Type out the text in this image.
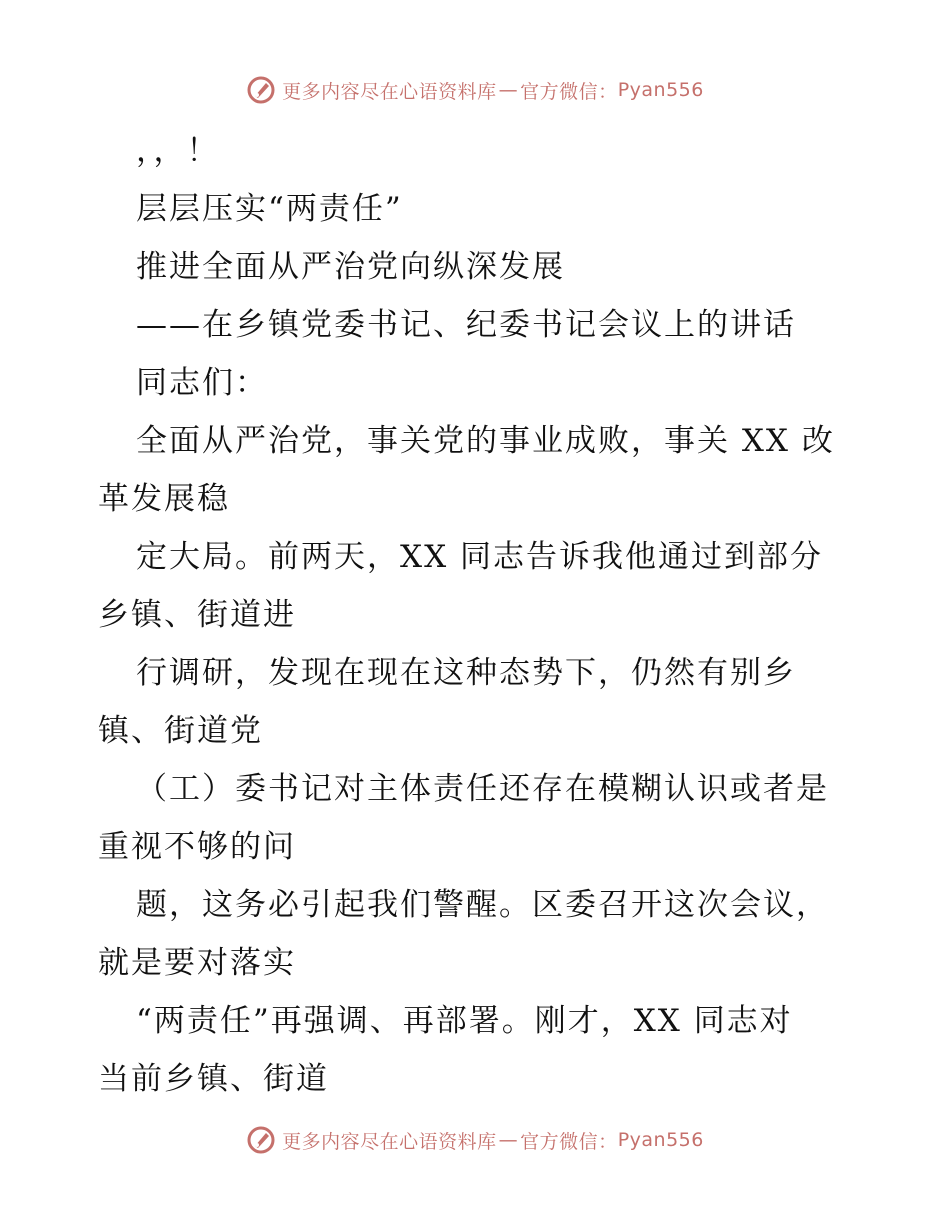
更多内容尽在心语资料库 — 官方微信： Pyan556
，，！
层层压实“两责任”
推进全面从严治党向纵深发展
——在乡镇党委书记、纪委书记会议上的讲话
同志们：
全面从严治党，事关党的事业成败，事关 XX 改
革发展稳
定大局。前两天，XX 同志告诉我他通过到部分
乡镇、街道进
行调研，发现在现在这种态势下，仍然有别乡
镇、街道党
（工）委书记对主体责任还存在模糊认识或者是
重视不够的问
题，这务必引起我们警醒。区委召开这次会议，
就是要对落实
“两责任”再强调、再部署。刚才，XX 同志对
当前乡镇、街道
更多内容尽在心语资料库 — 官方微信： Pyan556
